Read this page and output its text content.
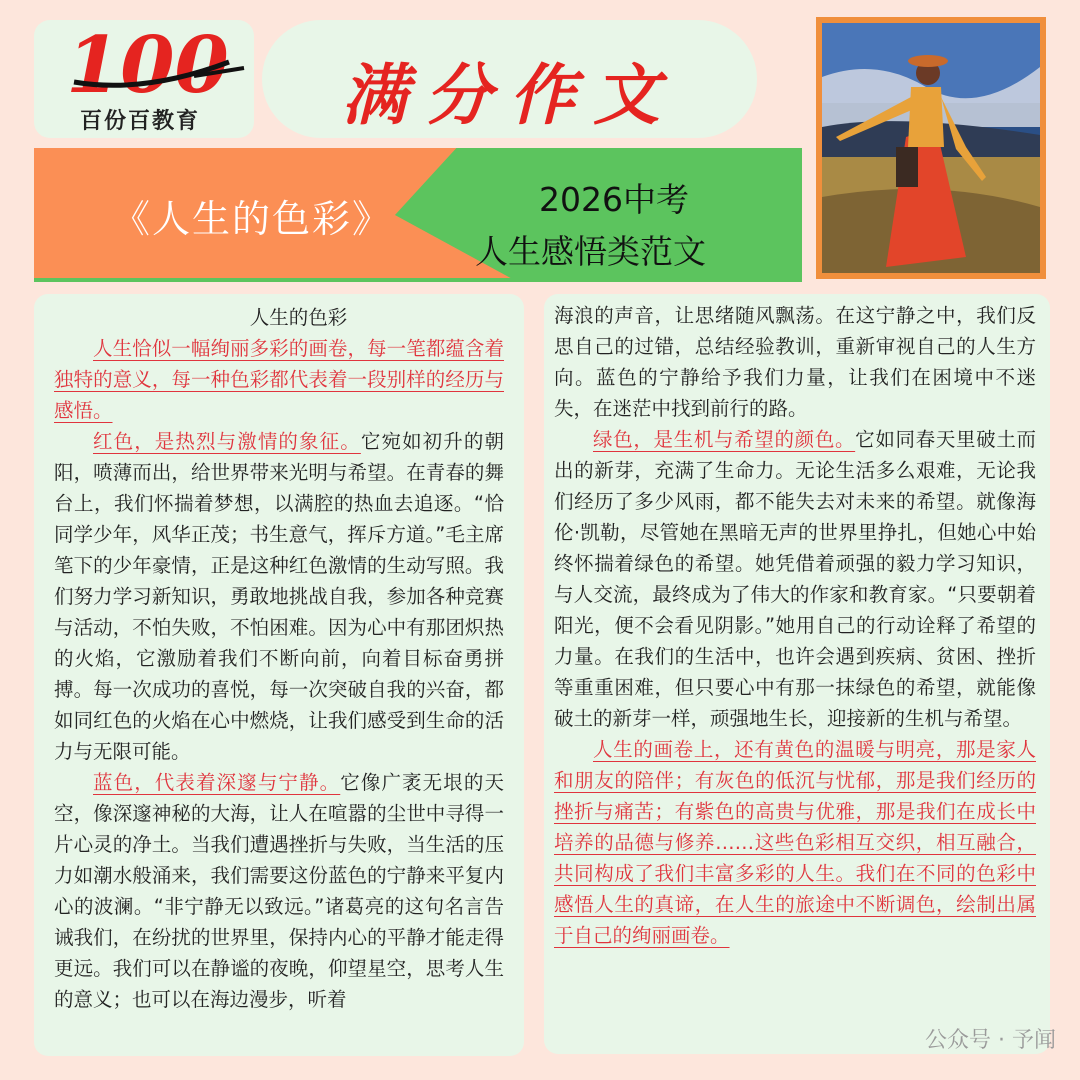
100
百份百教育	满分作文
《人生的色彩》	2026中考
人生感悟类范文

人生的色彩

人生恰似一幅绚丽多彩的画卷，每一笔都蕴含着独特的意义，每一种色彩都代表着一段别样的经历与感悟。

红色，是热烈与激情的象征。它宛如初升的朝阳，喷薄而出，给世界带来光明与希望。在青春的舞台上，我们怀揣着梦想，以满腔的热血去追逐。“恰同学少年，风华正茂；书生意气，挥斥方道。”毛主席笔下的少年豪情，正是这种红色激情的生动写照。我们努力学习新知识，勇敢地挑战自我，参加各种竞赛与活动，不怕失败，不怕困难。因为心中有那团炽热的火焰，它激励着我们不断向前，向着目标奋勇拼搏。每一次成功的喜悦，每一次突破自我的兴奋，都如同红色的火焰在心中燃烧，让我们感受到生命的活力与无限可能。

蓝色，代表着深邃与宁静。它像广袤无垠的天空，像深邃神秘的大海，让人在喧嚣的尘世中寻得一片心灵的净土。当我们遭遇挫折与失败，当生活的压力如潮水般涌来，我们需要这份蓝色的宁静来平复内心的波澜。“非宁静无以致远。”诸葛亮的这句名言告诫我们，在纷扰的世界里，保持内心的平静才能走得更远。我们可以在静谧的夜晚，仰望星空，思考人生的意义；也可以在海边漫步，听着

海浪的声音，让思绪随风飘荡。在这宁静之中，我们反思自己的过错，总结经验教训，重新审视自己的人生方向。蓝色的宁静给予我们力量，让我们在困境中不迷失，在迷茫中找到前行的路。

绿色，是生机与希望的颜色。它如同春天里破土而出的新芽，充满了生命力。无论生活多么艰难，无论我们经历了多少风雨，都不能失去对未来的希望。就像海伦·凯勒，尽管她在黑暗无声的世界里挣扎，但她心中始终怀揣着绿色的希望。她凭借着顽强的毅力学习知识，与人交流，最终成为了伟大的作家和教育家。“只要朝着阳光，便不会看见阴影。”她用自己的行动诠释了希望的力量。在我们的生活中，也许会遇到疾病、贫困、挫折等重重困难，但只要心中有那一抹绿色的希望，就能像破土的新芽一样，顽强地生长，迎接新的生机与希望。

人生的画卷上，还有黄色的温暖与明亮，那是家人和朋友的陪伴；有灰色的低沉与忧郁，那是我们经历的挫折与痛苦；有紫色的高贵与优雅，那是我们在成长中培养的品德与修养……这些色彩相互交织，相互融合，共同构成了我们丰富多彩的人生。我们在不同的色彩中感悟人生的真谛，在人生的旅途中不断调色，绘制出属于自己的绚丽画卷。

公众号 · 予闻
